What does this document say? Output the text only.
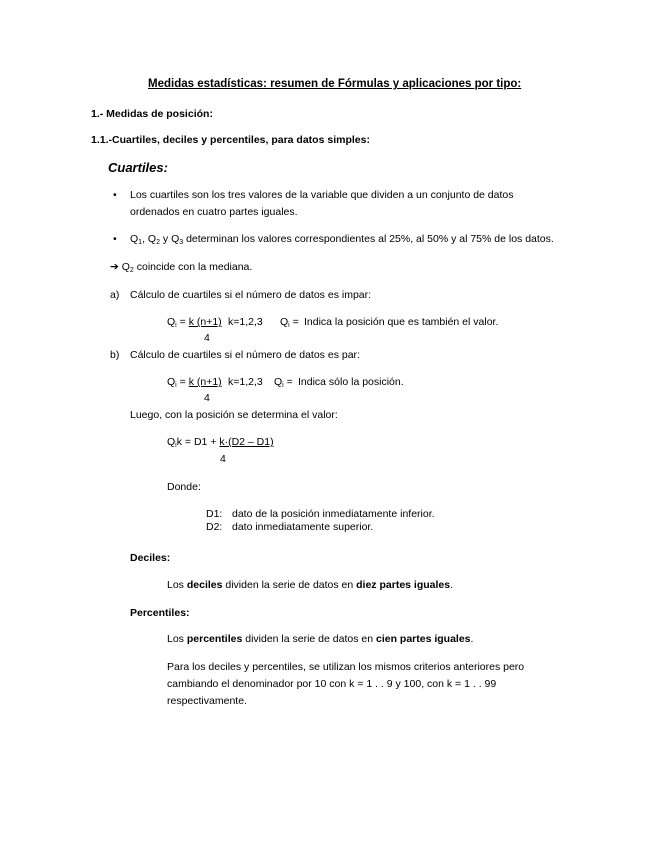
Medidas estadísticas: resumen de Fórmulas y aplicaciones por tipo:
1.- Medidas de posición:
1.1.-Cuartiles, deciles y percentiles, para datos simples:
Cuartiles:
• Los cuartiles son los tres valores de la variable que dividen a un conjunto de datos
ordenados en cuatro partes iguales.
• $Q_1$, $Q_2$ y $Q_3$ determinan los valores correspondientes al 25%, al 50% y al 75% de los datos.
➔ $Q_2$ coincide con la mediana.
a) Cálculo de cuartiles si el número de datos es impar:
$Q_i = k$ (n+1) k=1,2,3 $Q_i$ = Indica la posición que es también el valor.
4
b) Cálculo de cuartiles si el número de datos es par:
$Q_i = k$ (n+1) k=1,2,3 $Q_i$ = Indica sólo la posición.
4
Luego, con la posición se determina el valor:
$Q_ik = D1 + k\cdot(D2 - D1)$
4
Donde:
D1: dato de la posición inmediatamente inferior.
D2: dato inmediatamente superior.
Deciles:
Los deciles dividen la serie de datos en diez partes iguales.
Percentiles:
Los percentiles dividen la serie de datos en cien partes iguales.
Para los deciles y percentiles, se utilizan los mismos criterios anteriores pero
cambiando el denominador por 10 con k = 1 . . 9 y 100, con k = 1 . . 99
respectivamente.
